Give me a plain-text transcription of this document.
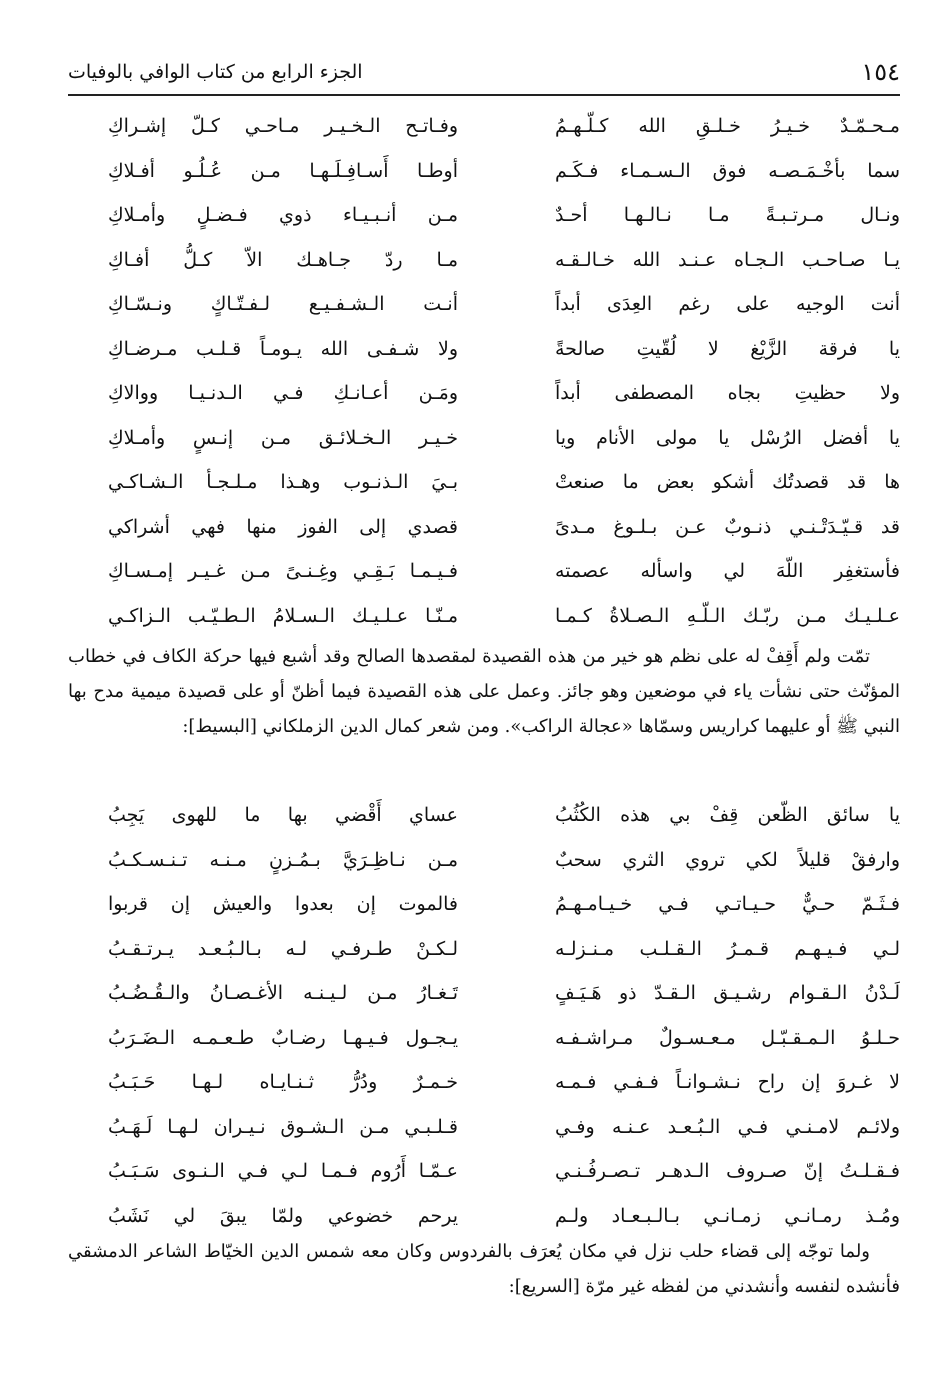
١٥٤
الجزء الرابع من كتاب الوافي بالوفيات
مـحـمّـدٌ خـيـرُ خـلـقِ الله كـلّـهـمُ
وفـاتـح الـخـيـر مـاحـي كـلّ إشـراكِ
سما بأخْـمَـصـه فوق الـسـمـاء فـكَـم
أوطـا أَسـافِـلَـهـا مـن عُـلُـو أفـلاكِ
ونـال مـرتـبـةً مـا نـالـهـا أحـدٌ
مـن أنـبـيـاء ذوي فـضـلٍ وأمـلاكِ
يـا صـاحـب الـجـاه عـنـد الله خـالـقـه
مـا ردّ جـاهـك الاّ كـلُّ أفـاكِ
أنت الوجيه على رغم العِدَى أبداً
أنـت الـشـفـيـع لـفـتّـاكٍ ونـسّـاكِ
يا فرقة الزَّيْغ لا لُقّيتِ صالحةً
ولا شـفـى الله يـومـاً قـلـب مـرضـاكِ
ولا حظيتِ بجاه المصطفى أبداً
ومَـن أعـانـكِ فـي الـدنـيـا ووالاكِ
يا أفضل الرُسْل يا مولى الأنام ويا
خـيـر الـخـلائـق مـن إنـسٍ وأمـلاكِ
ها قد قصدتُك أشكو بعض ما صنعتْ
بـيَ الـذنـوب وهـذا مـلـجـأ الـشـاكـي
قد قـيّـدَتْـنـي ذنـوبٌ عـن بـلـوغ مـدىً
قصدي إلى الفوز منها فهي أشراكي
فأستغفِر اللّهَ لي واسأله عصمته
فـيـمـا بَـقِـي وغِـنـىً مـن غـيـر إمـسـاكِ
عـلـيـك مـن ربّـك الـلّـهِ الـصـلاةُ كـمـا
مـنّـا عـلـيـك الـسـلامُ الـطـيّـب الـزاكـي

تمّت ولم أَقِفْ له على نظم هو خير من هذه القصيدة لمقصدها الصالح وقد أشبع فيها حركة الكاف في خطاب المؤنّث حتى نشأت ياء في موضعين وهو جائز. وعمل على هذه القصيدة فيما أظنّ أو على قصيدة ميمية مدح بها النبي ﷺ أو عليهما كراريس وسمّاها «عجالة الراكب». ومن شعر كمال الدين الزملكاني [البسيط]:

يا سائق الظّعن قِفْ بي هذه الكُثُبُ
عساي أَقْضي بها ما للهوى يَجِبُ
وارفقْ قليلاً لكي تروي الثري سحبٌ
مـن نـاظِـرَيَّ بـمُـزنٍ مـنـه تـنـسـكـبُ
فـثَـمّ حـيٌّ حـيـاتـي فـي خـيـامـهـمُ
فالموت إن بعدوا والعيش إن قربوا
لـي فـيـهـم قـمـرُ الـقـلـب مـنـزلـه
لـكـنْ طـرفـي لـه بـالـبُـعـد يـرتـقـبُ
لَـدْنُ الـقـوام رشـيـق الـقـدّ ذو هَـيَـفٍ
تَـغـارُ مـن لـيـنـه الأغـصـانُ والـقُـضُـبُ
حـلـوُ الـمـقـبّـل مـعـسـولٌ مـراشـفـه
يـجـول فـيـهـا رضـابٌ طـعـمـه الـضَـرَبُ
لا غـروَ إن راح نـشـوانـاً فـفـي فـمـه
خـمـرٌ ودُرُّ ثـنـايـاه لـهـا حَـبَـبُ
ولائـم لامـنـي فـي الـبُـعـد عـنـه وفـي
قـلـبـي مـن الـشـوق نـيـران لـهـا لَـهَـبُ
فـقـلـتُ إنّ صـروف الـدهـر تـصـرفُـنـي
عـمّـا أَرُوم فـمـا لـي فـي الـنـوى سَـبَـبُ
ومُـذ رمـانـي زمـانـي بـالـبـعـاد ولـم
يرحم خضوعي ولمّا يبقَ لي نَشَبُ

ولما توجّه إلى قضاء حلب نزل في مكان يُعرَف بالفردوس وكان معه شمس الدين الخيّاط الشاعر الدمشقي فأنشده لنفسه وأنشدني من لفظه غير مرّة [السريع]:
